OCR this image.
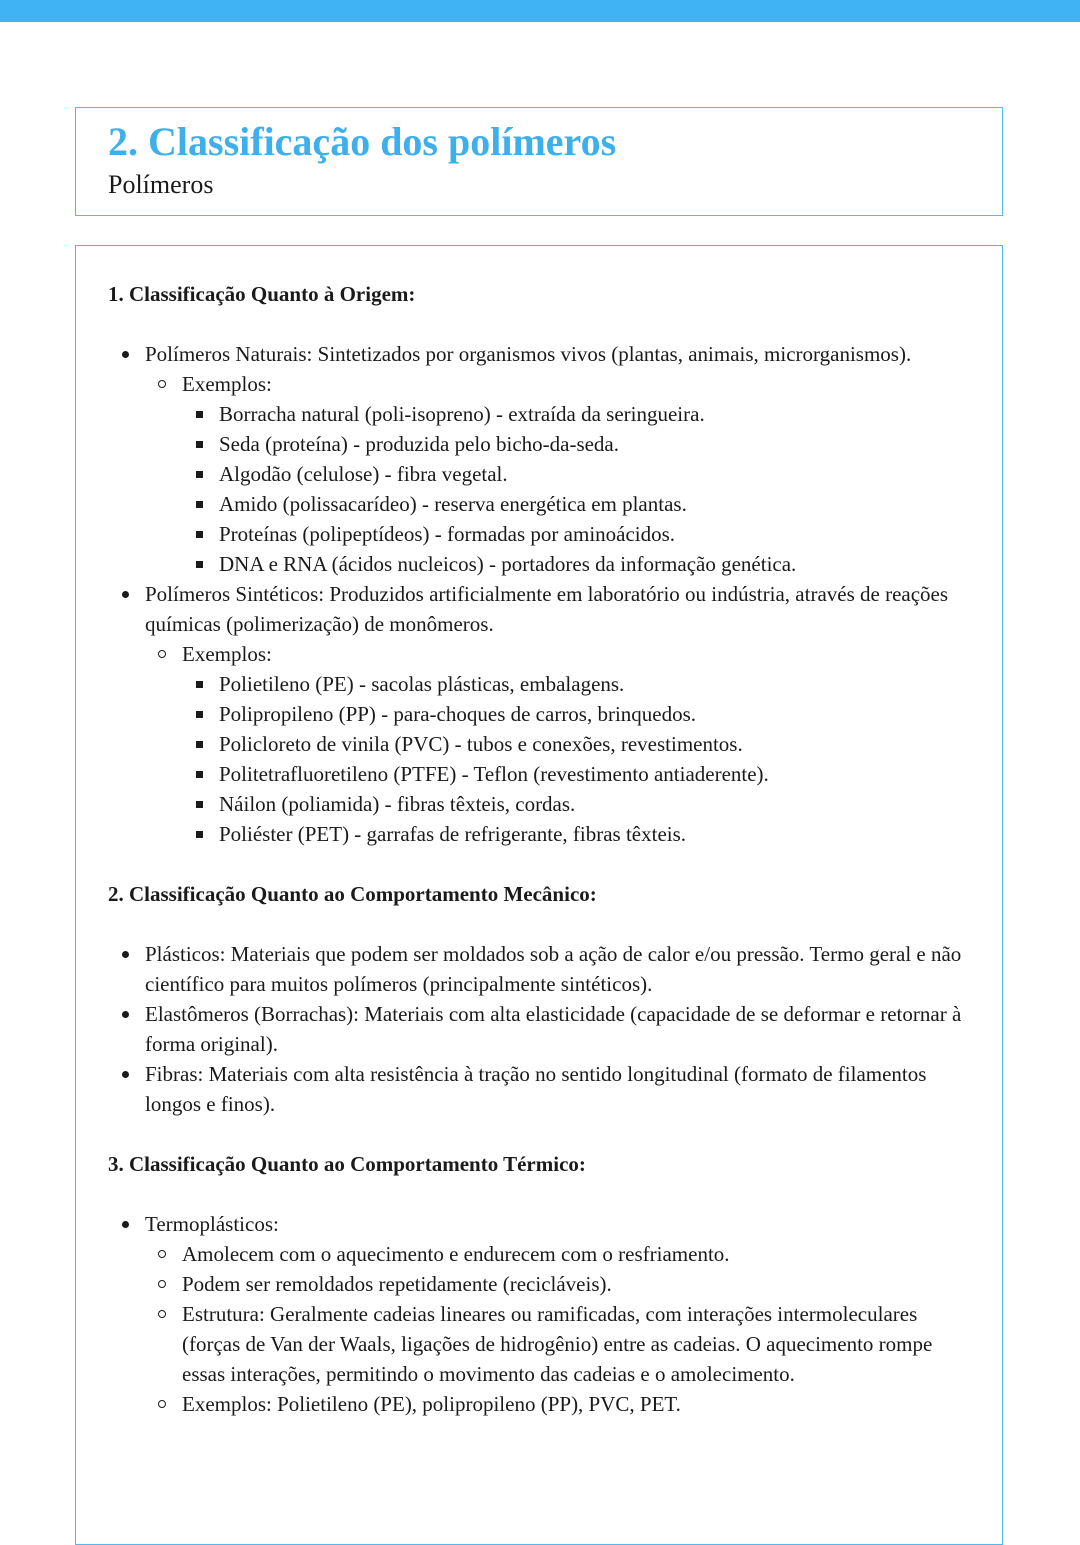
2. Classificação dos polímeros
Polímeros
1. Classificação Quanto à Origem:
Polímeros Naturais: Sintetizados por organismos vivos (plantas, animais, microrganismos).
Exemplos:
Borracha natural (poli-isopreno) - extraída da seringueira.
Seda (proteína) - produzida pelo bicho-da-seda.
Algodão (celulose) - fibra vegetal.
Amido (polissacarídeo) - reserva energética em plantas.
Proteínas (polipeptídeos) - formadas por aminoácidos.
DNA e RNA (ácidos nucleicos) - portadores da informação genética.
Polímeros Sintéticos: Produzidos artificialmente em laboratório ou indústria, através de reações químicas (polimerização) de monômeros.
Exemplos:
Polietileno (PE) - sacolas plásticas, embalagens.
Polipropileno (PP) - para-choques de carros, brinquedos.
Policloreto de vinila (PVC) - tubos e conexões, revestimentos.
Politetrafluoretileno (PTFE) - Teflon (revestimento antiaderente).
Náilon (poliamida) - fibras têxteis, cordas.
Poliéster (PET) - garrafas de refrigerante, fibras têxteis.
2. Classificação Quanto ao Comportamento Mecânico:
Plásticos: Materiais que podem ser moldados sob a ação de calor e/ou pressão. Termo geral e não científico para muitos polímeros (principalmente sintéticos).
Elastômeros (Borrachas): Materiais com alta elasticidade (capacidade de se deformar e retornar à forma original).
Fibras: Materiais com alta resistência à tração no sentido longitudinal (formato de filamentos longos e finos).
3. Classificação Quanto ao Comportamento Térmico:
Termoplásticos:
Amolecem com o aquecimento e endurecem com o resfriamento.
Podem ser remoldados repetidamente (recicláveis).
Estrutura: Geralmente cadeias lineares ou ramificadas, com interações intermoleculares (forças de Van der Waals, ligações de hidrogênio) entre as cadeias. O aquecimento rompe essas interações, permitindo o movimento das cadeias e o amolecimento.
Exemplos: Polietileno (PE), polipropileno (PP), PVC, PET.
